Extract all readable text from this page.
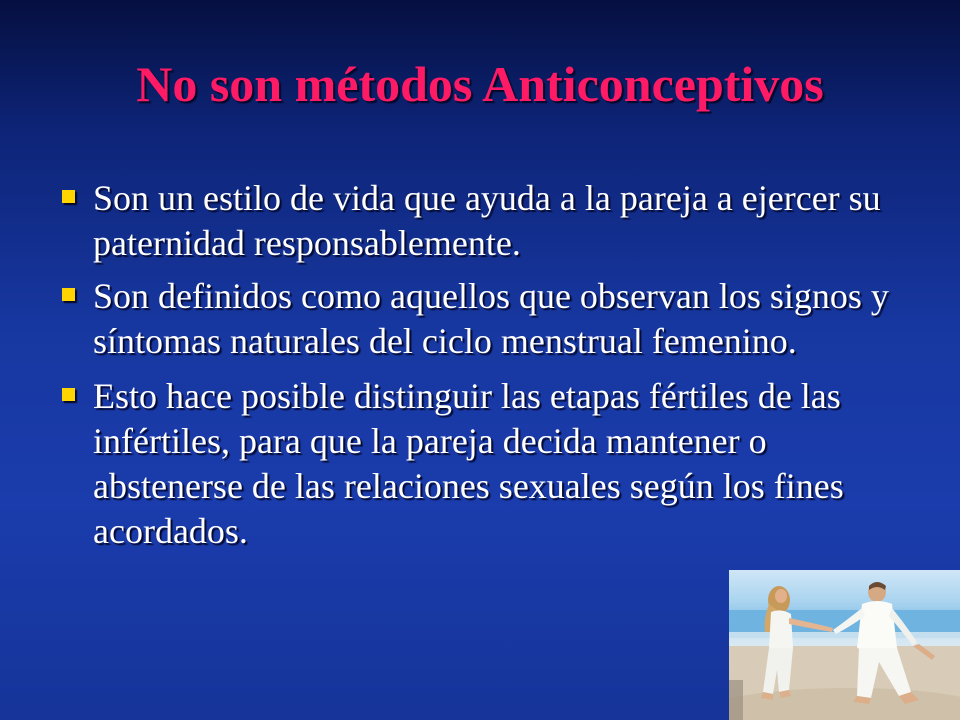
No son métodos Anticonceptivos
Son un estilo de vida que ayuda a la pareja a ejercer su paternidad responsablemente.
Son definidos como aquellos que observan los signos y síntomas naturales del ciclo menstrual femenino.
Esto hace posible distinguir las etapas fértiles de las infértiles, para que la pareja decida mantener o abstenerse de las relaciones sexuales según los fines acordados.
